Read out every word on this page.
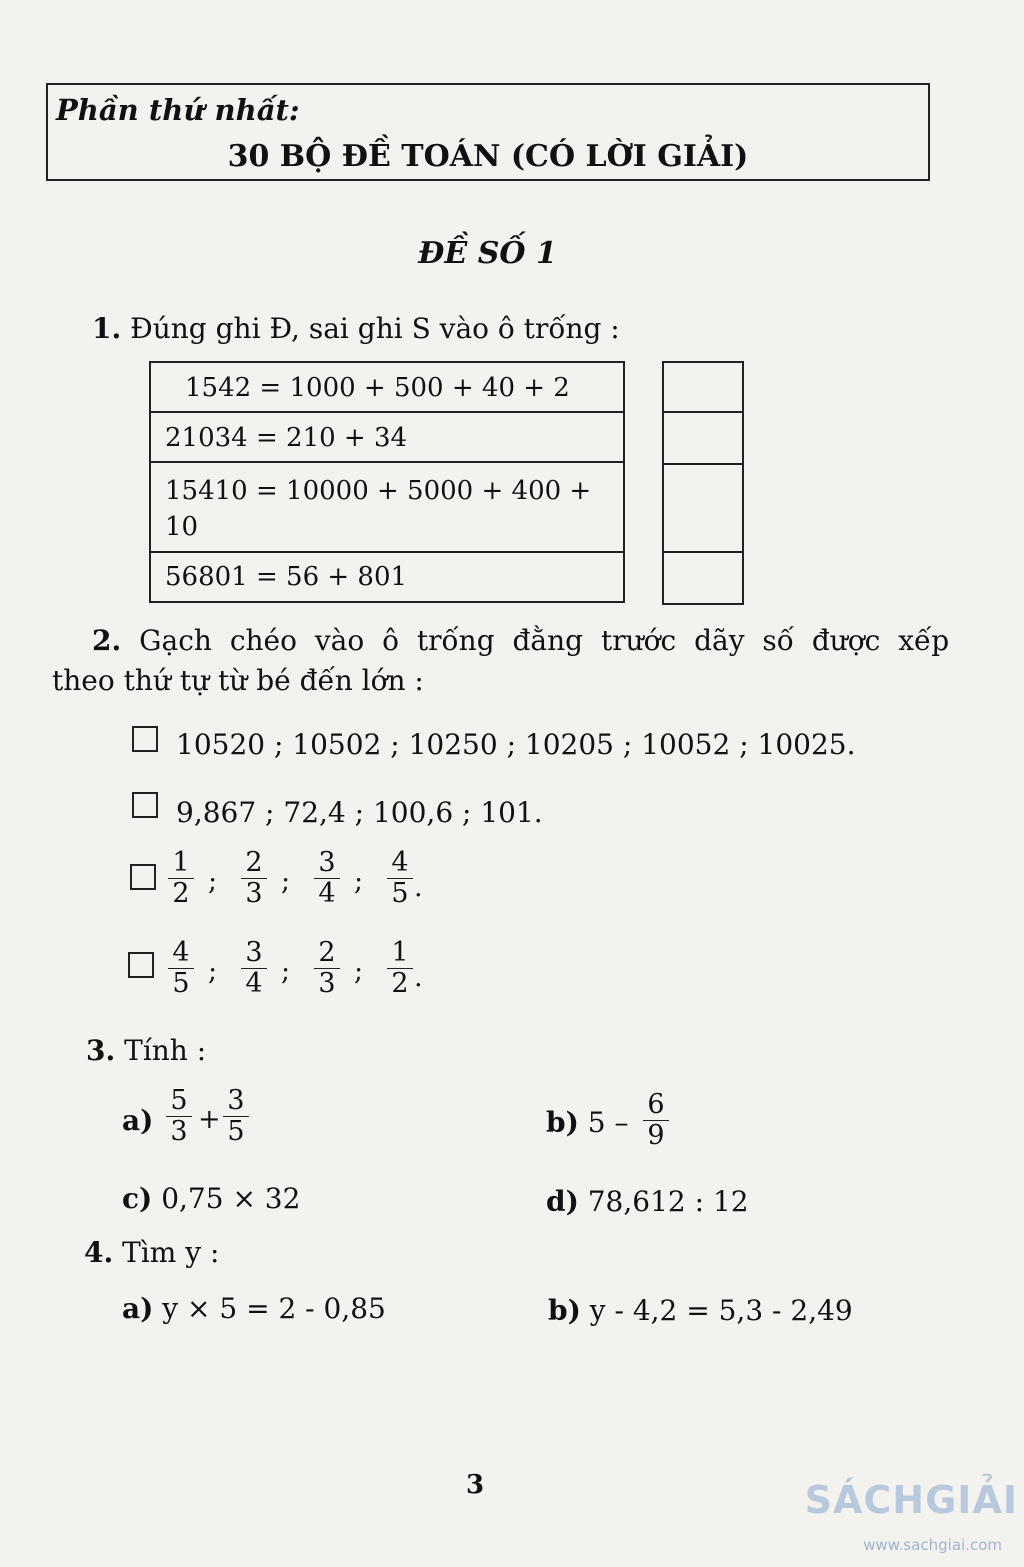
Phần thứ nhất:
30 BỘ ĐỀ TOÁN (CÓ LỜI GIẢI)
ĐỀ SỐ 1
1. Đúng ghi Đ, sai ghi S vào ô trống :
1542 = 1000 + 500 + 40 + 2
21034 = 210 + 34
15410 = 10000 + 5000 + 400 +
10
56801 = 56 + 801
2. Gạch chéo vào ô trống đằng trước dãy số được xếp
theo thứ tự từ bé đến lớn :
10520 ; 10502 ; 10250 ; 10205 ; 10052 ; 10025.
9,867 ; 72,4 ; 100,6 ; 101.
$\frac{1}{2}$ ; $\frac{2}{3}$ ; $\frac{3}{4}$ ; $\frac{4}{5}$ .
$\frac{4}{5}$ ; $\frac{3}{4}$ ; $\frac{2}{3}$ ; $\frac{1}{2}$ .
3. Tính :
$a) \frac{5}{3} + \frac{3}{5}$	b) $5 - \frac{6}{9}$
c) 0,75 × 32	d) 78,612 : 12
4. Tìm y :
a) y × 5 = 2 - 0,85	b) y - 4,2 = 5,3 - 2,49
3	SÁCHGIẢI
www.sachgiai.com
